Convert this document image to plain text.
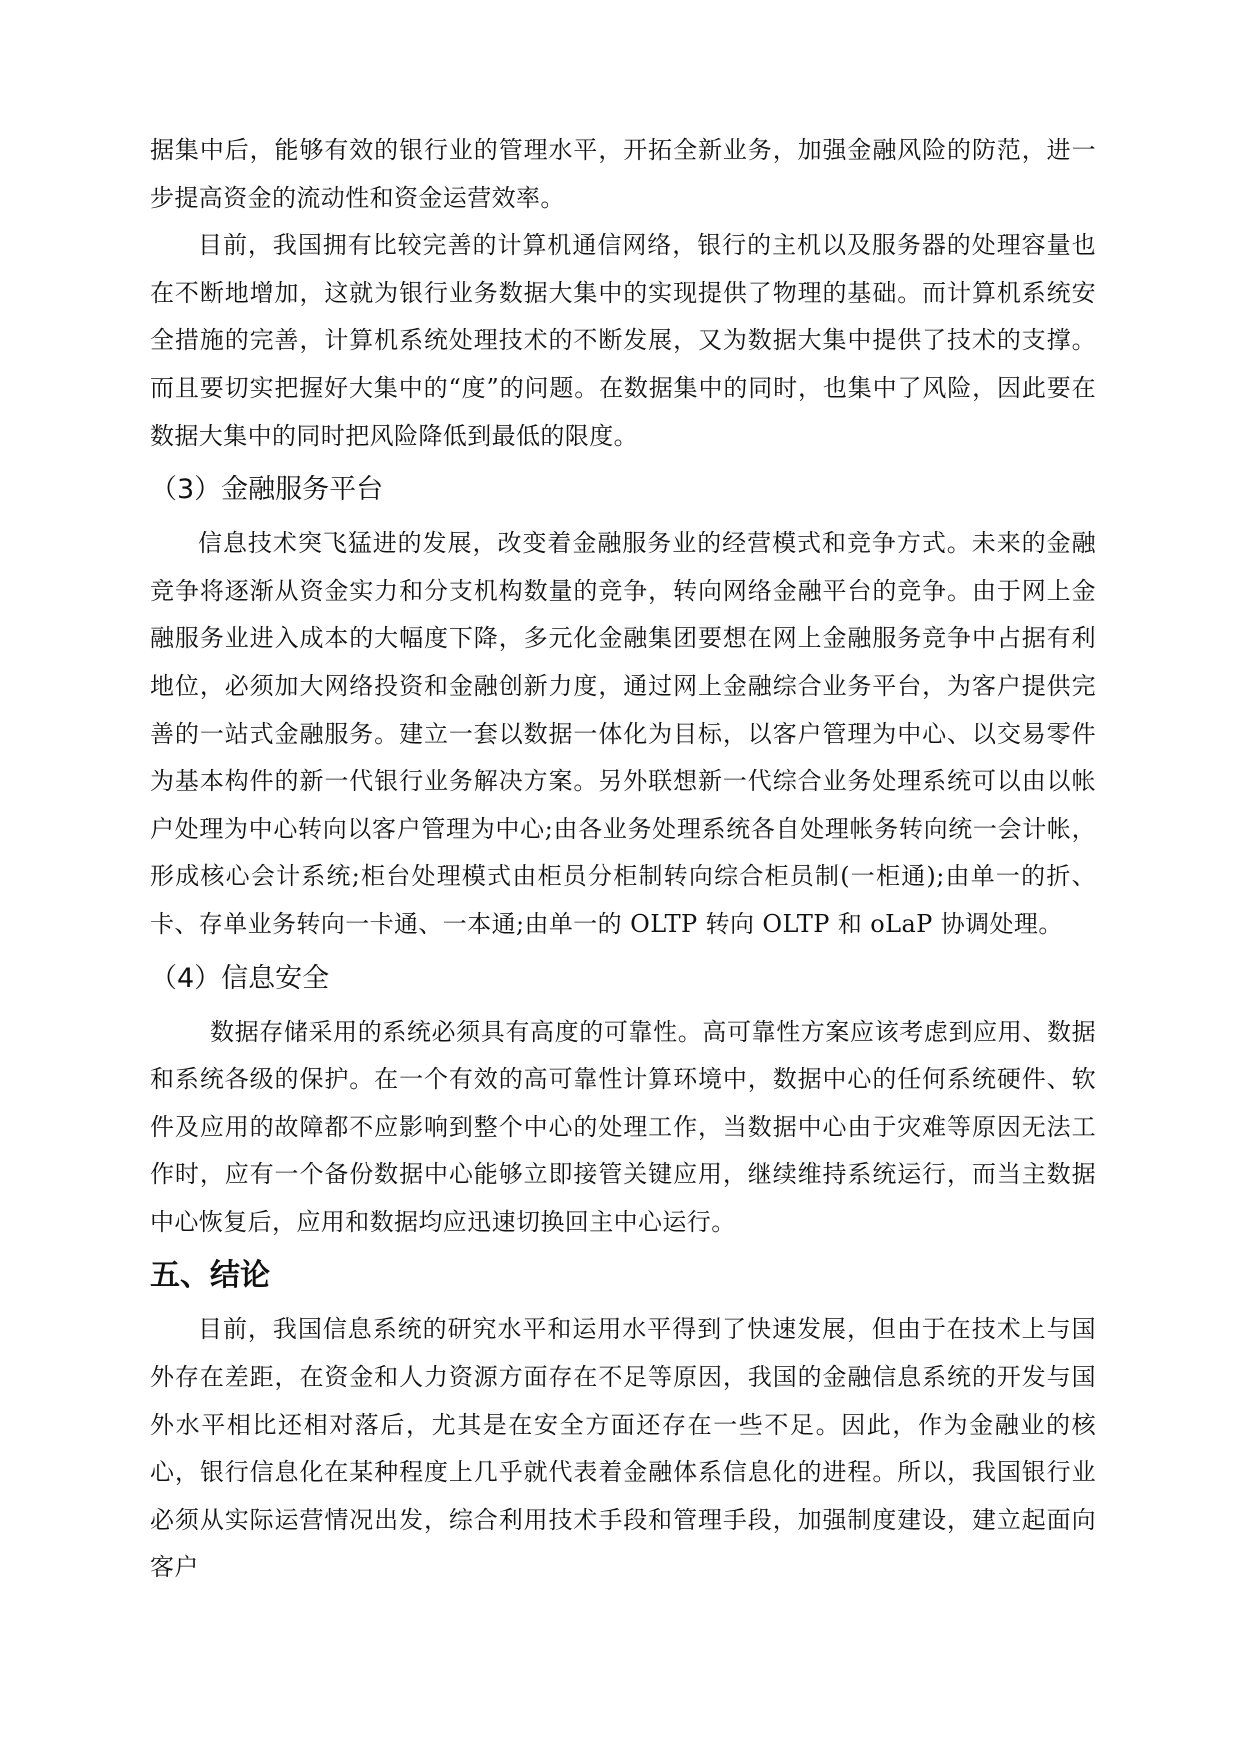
据集中后，能够有效的银行业的管理水平，开拓全新业务，加强金融风险的防范，进一步提高资金的流动性和资金运营效率。

目前，我国拥有比较完善的计算机通信网络，银行的主机以及服务器的处理容量也在不断地增加，这就为银行业务数据大集中的实现提供了物理的基础。而计算机系统安全措施的完善，计算机系统处理技术的不断发展，又为数据大集中提供了技术的支撑。而且要切实把握好大集中的“度”的问题。在数据集中的同时，也集中了风险，因此要在数据大集中的同时把风险降低到最低的限度。

（3）金融服务平台

信息技术突飞猛进的发展，改变着金融服务业的经营模式和竞争方式。未来的金融竞争将逐渐从资金实力和分支机构数量的竞争，转向网络金融平台的竞争。由于网上金融服务业进入成本的大幅度下降，多元化金融集团要想在网上金融服务竞争中占据有利地位，必须加大网络投资和金融创新力度，通过网上金融综合业务平台，为客户提供完善的一站式金融服务。建立一套以数据一体化为目标，以客户管理为中心、以交易零件为基本构件的新一代银行业务解决方案。另外联想新一代综合业务处理系统可以由以帐户处理为中心转向以客户管理为中心;由各业务处理系统各自处理帐务转向统一会计帐，形成核心会计系统;柜台处理模式由柜员分柜制转向综合柜员制(一柜通);由单一的折、卡、存单业务转向一卡通、一本通;由单一的 OLTP 转向 OLTP 和 oLaP 协调处理。

（4）信息安全

数据存储采用的系统必须具有高度的可靠性。高可靠性方案应该考虑到应用、数据和系统各级的保护。在一个有效的高可靠性计算环境中，数据中心的任何系统硬件、软件及应用的故障都不应影响到整个中心的处理工作，当数据中心由于灾难等原因无法工作时，应有一个备份数据中心能够立即接管关键应用，继续维持系统运行，而当主数据中心恢复后，应用和数据均应迅速切换回主中心运行。

五、结论

目前，我国信息系统的研究水平和运用水平得到了快速发展，但由于在技术上与国外存在差距，在资金和人力资源方面存在不足等原因，我国的金融信息系统的开发与国外水平相比还相对落后，尤其是在安全方面还存在一些不足。因此，作为金融业的核心，银行信息化在某种程度上几乎就代表着金融体系信息化的进程。所以，我国银行业必须从实际运营情况出发，综合利用技术手段和管理手段，加强制度建设，建立起面向客户
